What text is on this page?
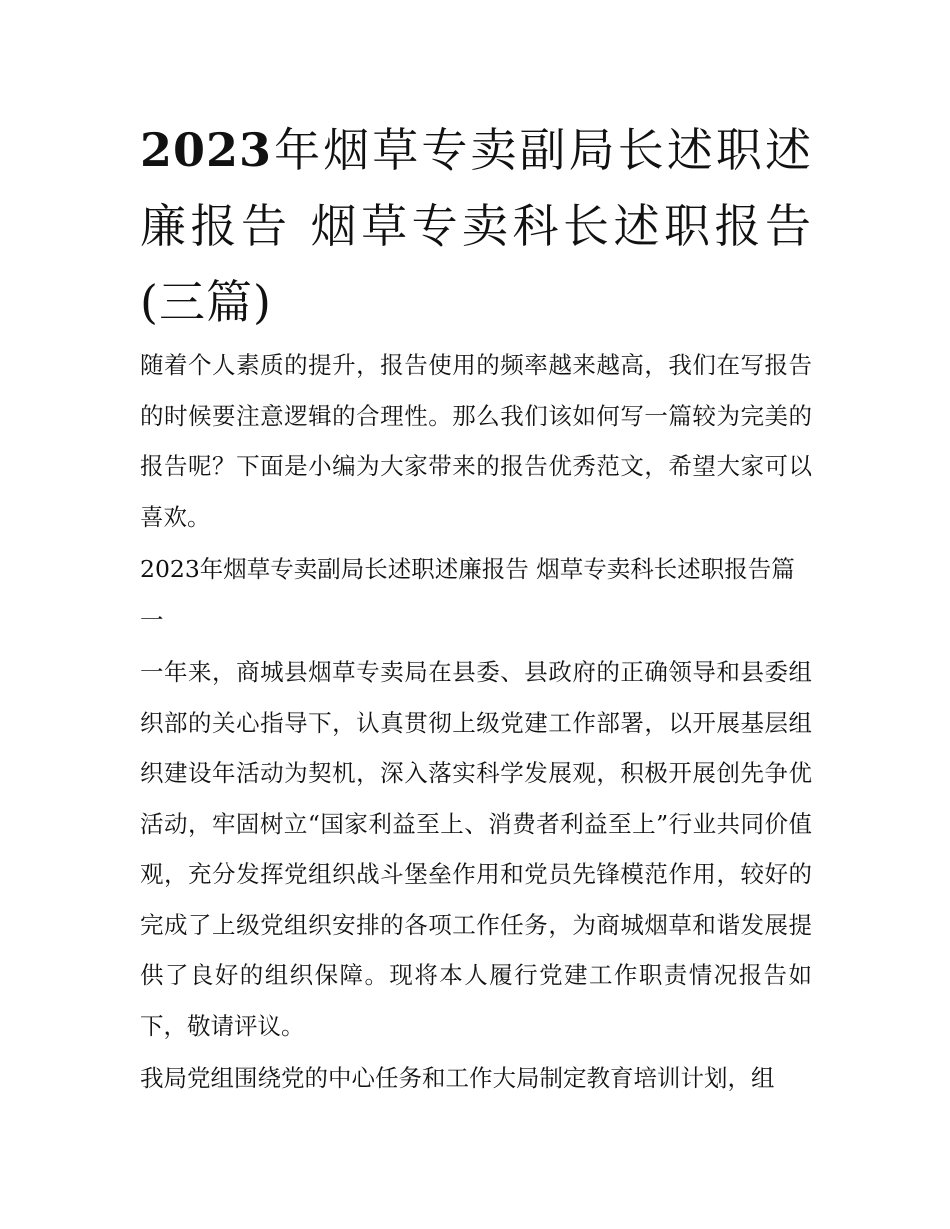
2023年烟草专卖副局长述职述廉报告 烟草专卖科长述职报告(三篇)

随着个人素质的提升，报告使用的频率越来越高，我们在写报告的时候要注意逻辑的合理性。那么我们该如何写一篇较为完美的报告呢？下面是小编为大家带来的报告优秀范文，希望大家可以喜欢。

2023年烟草专卖副局长述职述廉报告 烟草专卖科长述职报告篇一

一年来，商城县烟草专卖局在县委、县政府的正确领导和县委组织部的关心指导下，认真贯彻上级党建工作部署，以开展基层组织建设年活动为契机，深入落实科学发展观，积极开展创先争优活动，牢固树立“国家利益至上、消费者利益至上”行业共同价值观，充分发挥党组织战斗堡垒作用和党员先锋模范作用，较好的完成了上级党组织安排的各项工作任务，为商城烟草和谐发展提供了良好的组织保障。现将本人履行党建工作职责情况报告如下，敬请评议。

我局党组围绕党的中心任务和工作大局制定教育培训计划，组
